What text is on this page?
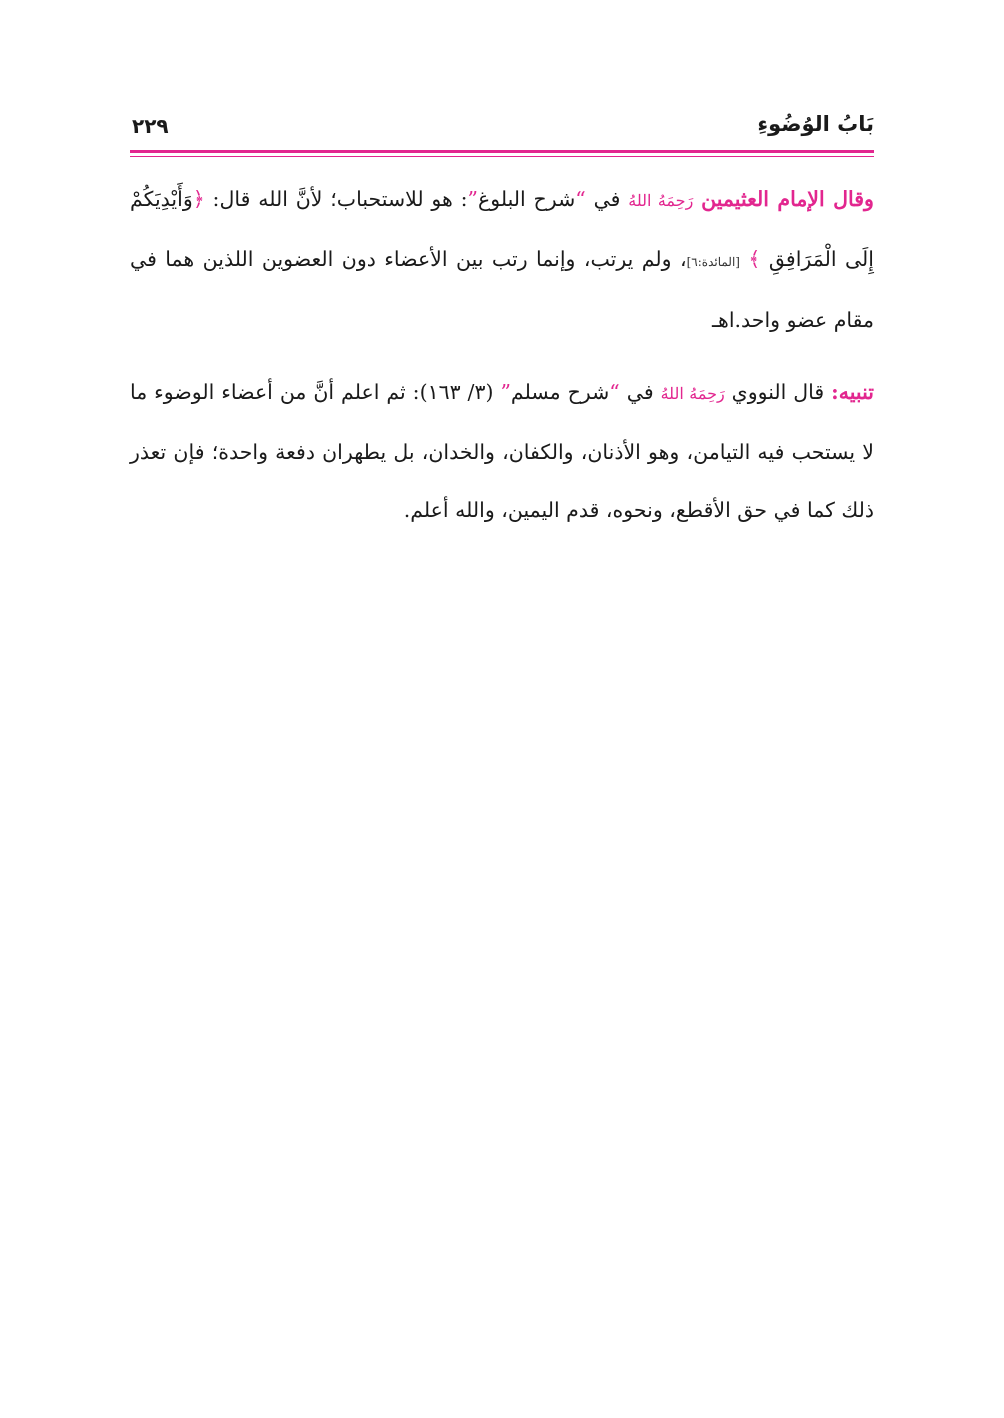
بَابُ الوُضُوءِ
٢٢٩

وقال الإمام العثيمين رَحِمَهُ اللهُ في “شرح البلوغ”: هو للاستحباب؛ لأنَّ الله قال: ﴿وَأَيْدِيَكُمْ إِلَى الْمَرَافِقِ ﴾ [المائدة:٦]، ولم يرتب، وإنما رتب بين الأعضاء دون العضوين اللذين هما في مقام عضو واحد.اهـ

تنبيه: قال النووي رَحِمَهُ اللهُ في “شرح مسلم” (٣/ ١٦٣): ثم اعلم أنَّ من أعضاء الوضوء ما لا يستحب فيه التيامن، وهو الأذنان، والكفان، والخدان، بل يطهران دفعة واحدة؛ فإن تعذر ذلك كما في حق الأقطع، ونحوه، قدم اليمين، والله أعلم.
